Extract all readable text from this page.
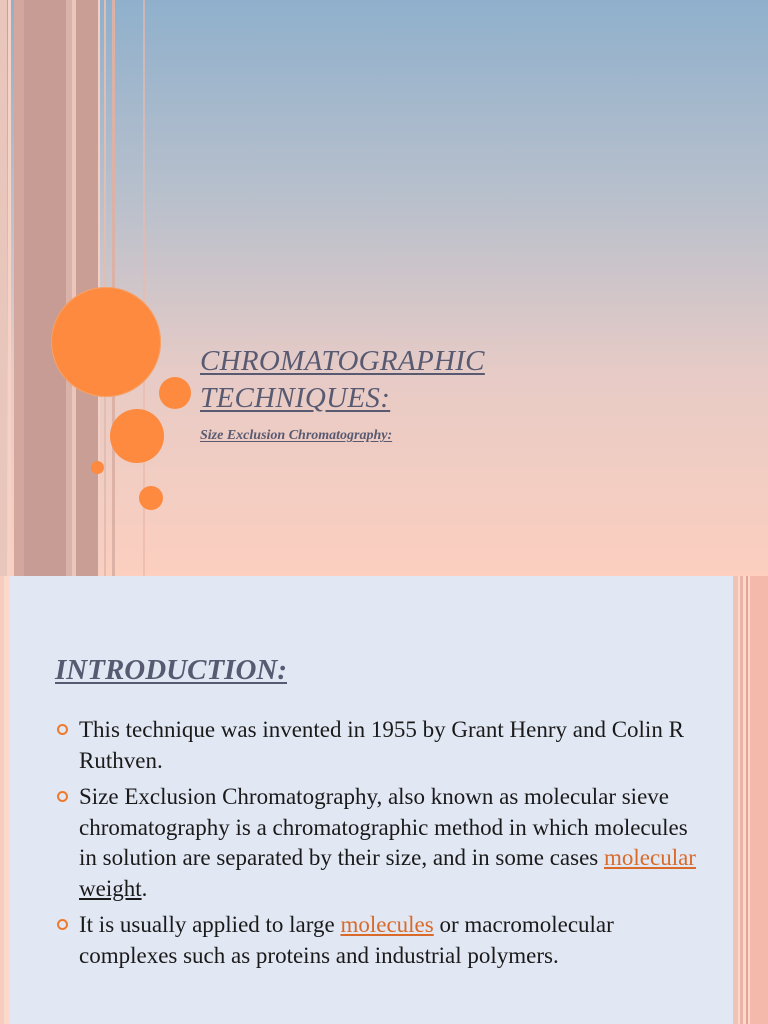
CHROMATOGRAPHIC
TECHNIQUES:
Size Exclusion Chromatography:
INTRODUCTION:
This technique was invented in 1955 by Grant Henry and Colin R Ruthven.
Size Exclusion Chromatography, also known as molecular sieve chromatography is a chromatographic method in which molecules in solution are separated by their size, and in some cases molecular weight.
It is usually applied to large molecules or macromolecular complexes such as proteins and industrial polymers.
